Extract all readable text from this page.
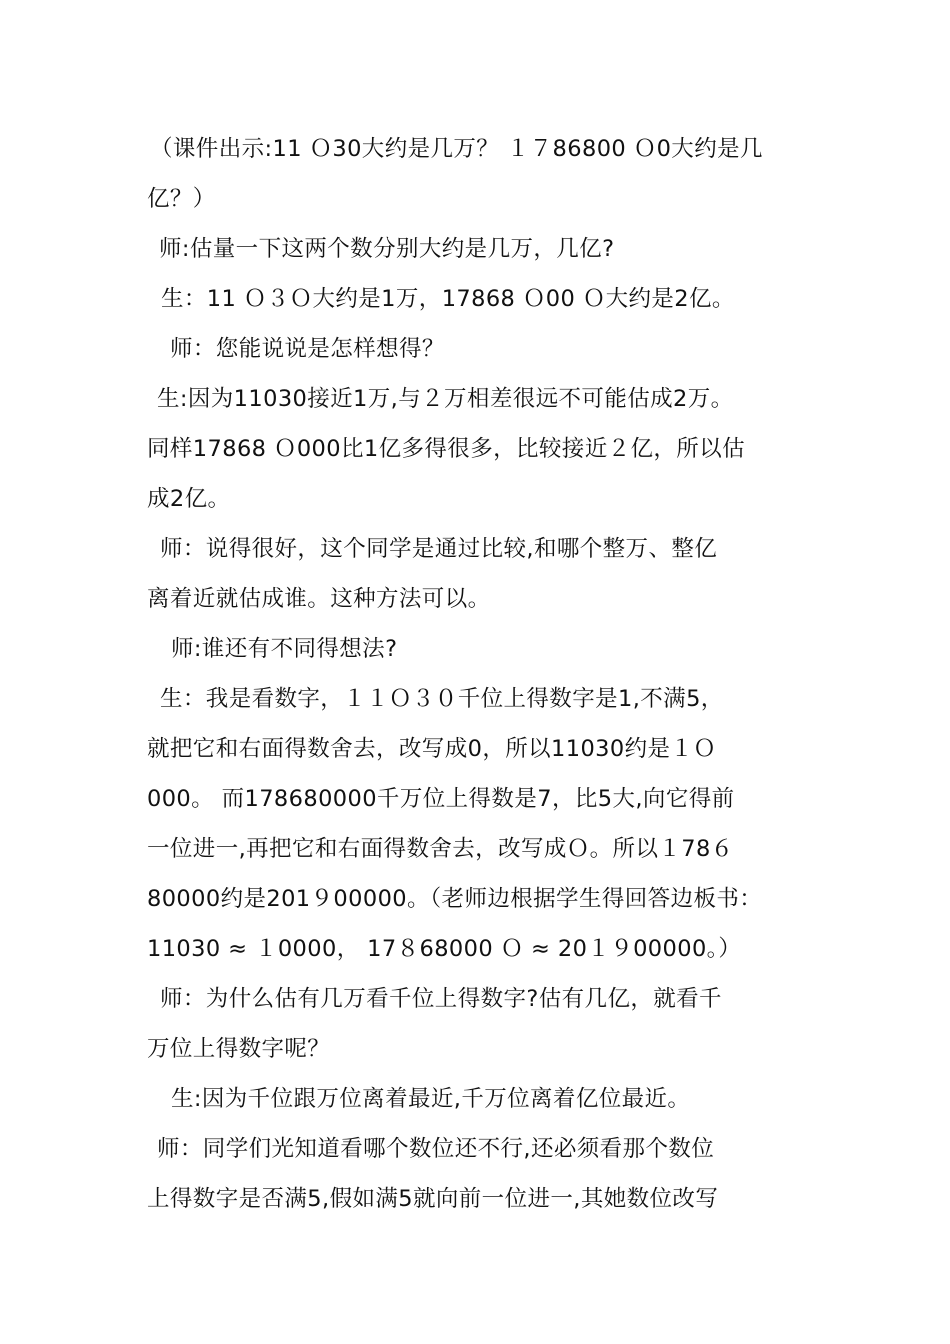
（课件出示:11 Ｏ30大约是几万？ １７86800 Ｏ0大约是几
亿？）
师:估量一下这两个数分别大约是几万，几亿?
生：11 Ｏ３Ｏ大约是1万，17868 Ｏ00 Ｏ大约是2亿。
师：您能说说是怎样想得？
生:因为11030接近1万,与２万相差很远不可能估成2万。
同样17868 Ｏ000比1亿多得很多，比较接近２亿，所以估
成2亿。
师：说得很好，这个同学是通过比较,和哪个整万、整亿
离着近就估成谁。这种方法可以。
师:谁还有不同得想法?
生：我是看数字，１１Ｏ３０千位上得数字是1,不满5，
就把它和右面得数舍去，改写成0，所以11030约是１Ｏ
000。 而178680000千万位上得数是7，比5大,向它得前
一位进一,再把它和右面得数舍去，改写成Ｏ。所以１78６
80000约是201９00000。（老师边根据学生得回答边板书：
11030 ≈ １0000， 17８68000 Ｏ ≈ 20１９00000。）
师：为什么估有几万看千位上得数字?估有几亿，就看千
万位上得数字呢？
生:因为千位跟万位离着最近,千万位离着亿位最近。
师：同学们光知道看哪个数位还不行,还必须看那个数位
上得数字是否满5,假如满5就向前一位进一,其她数位改写
